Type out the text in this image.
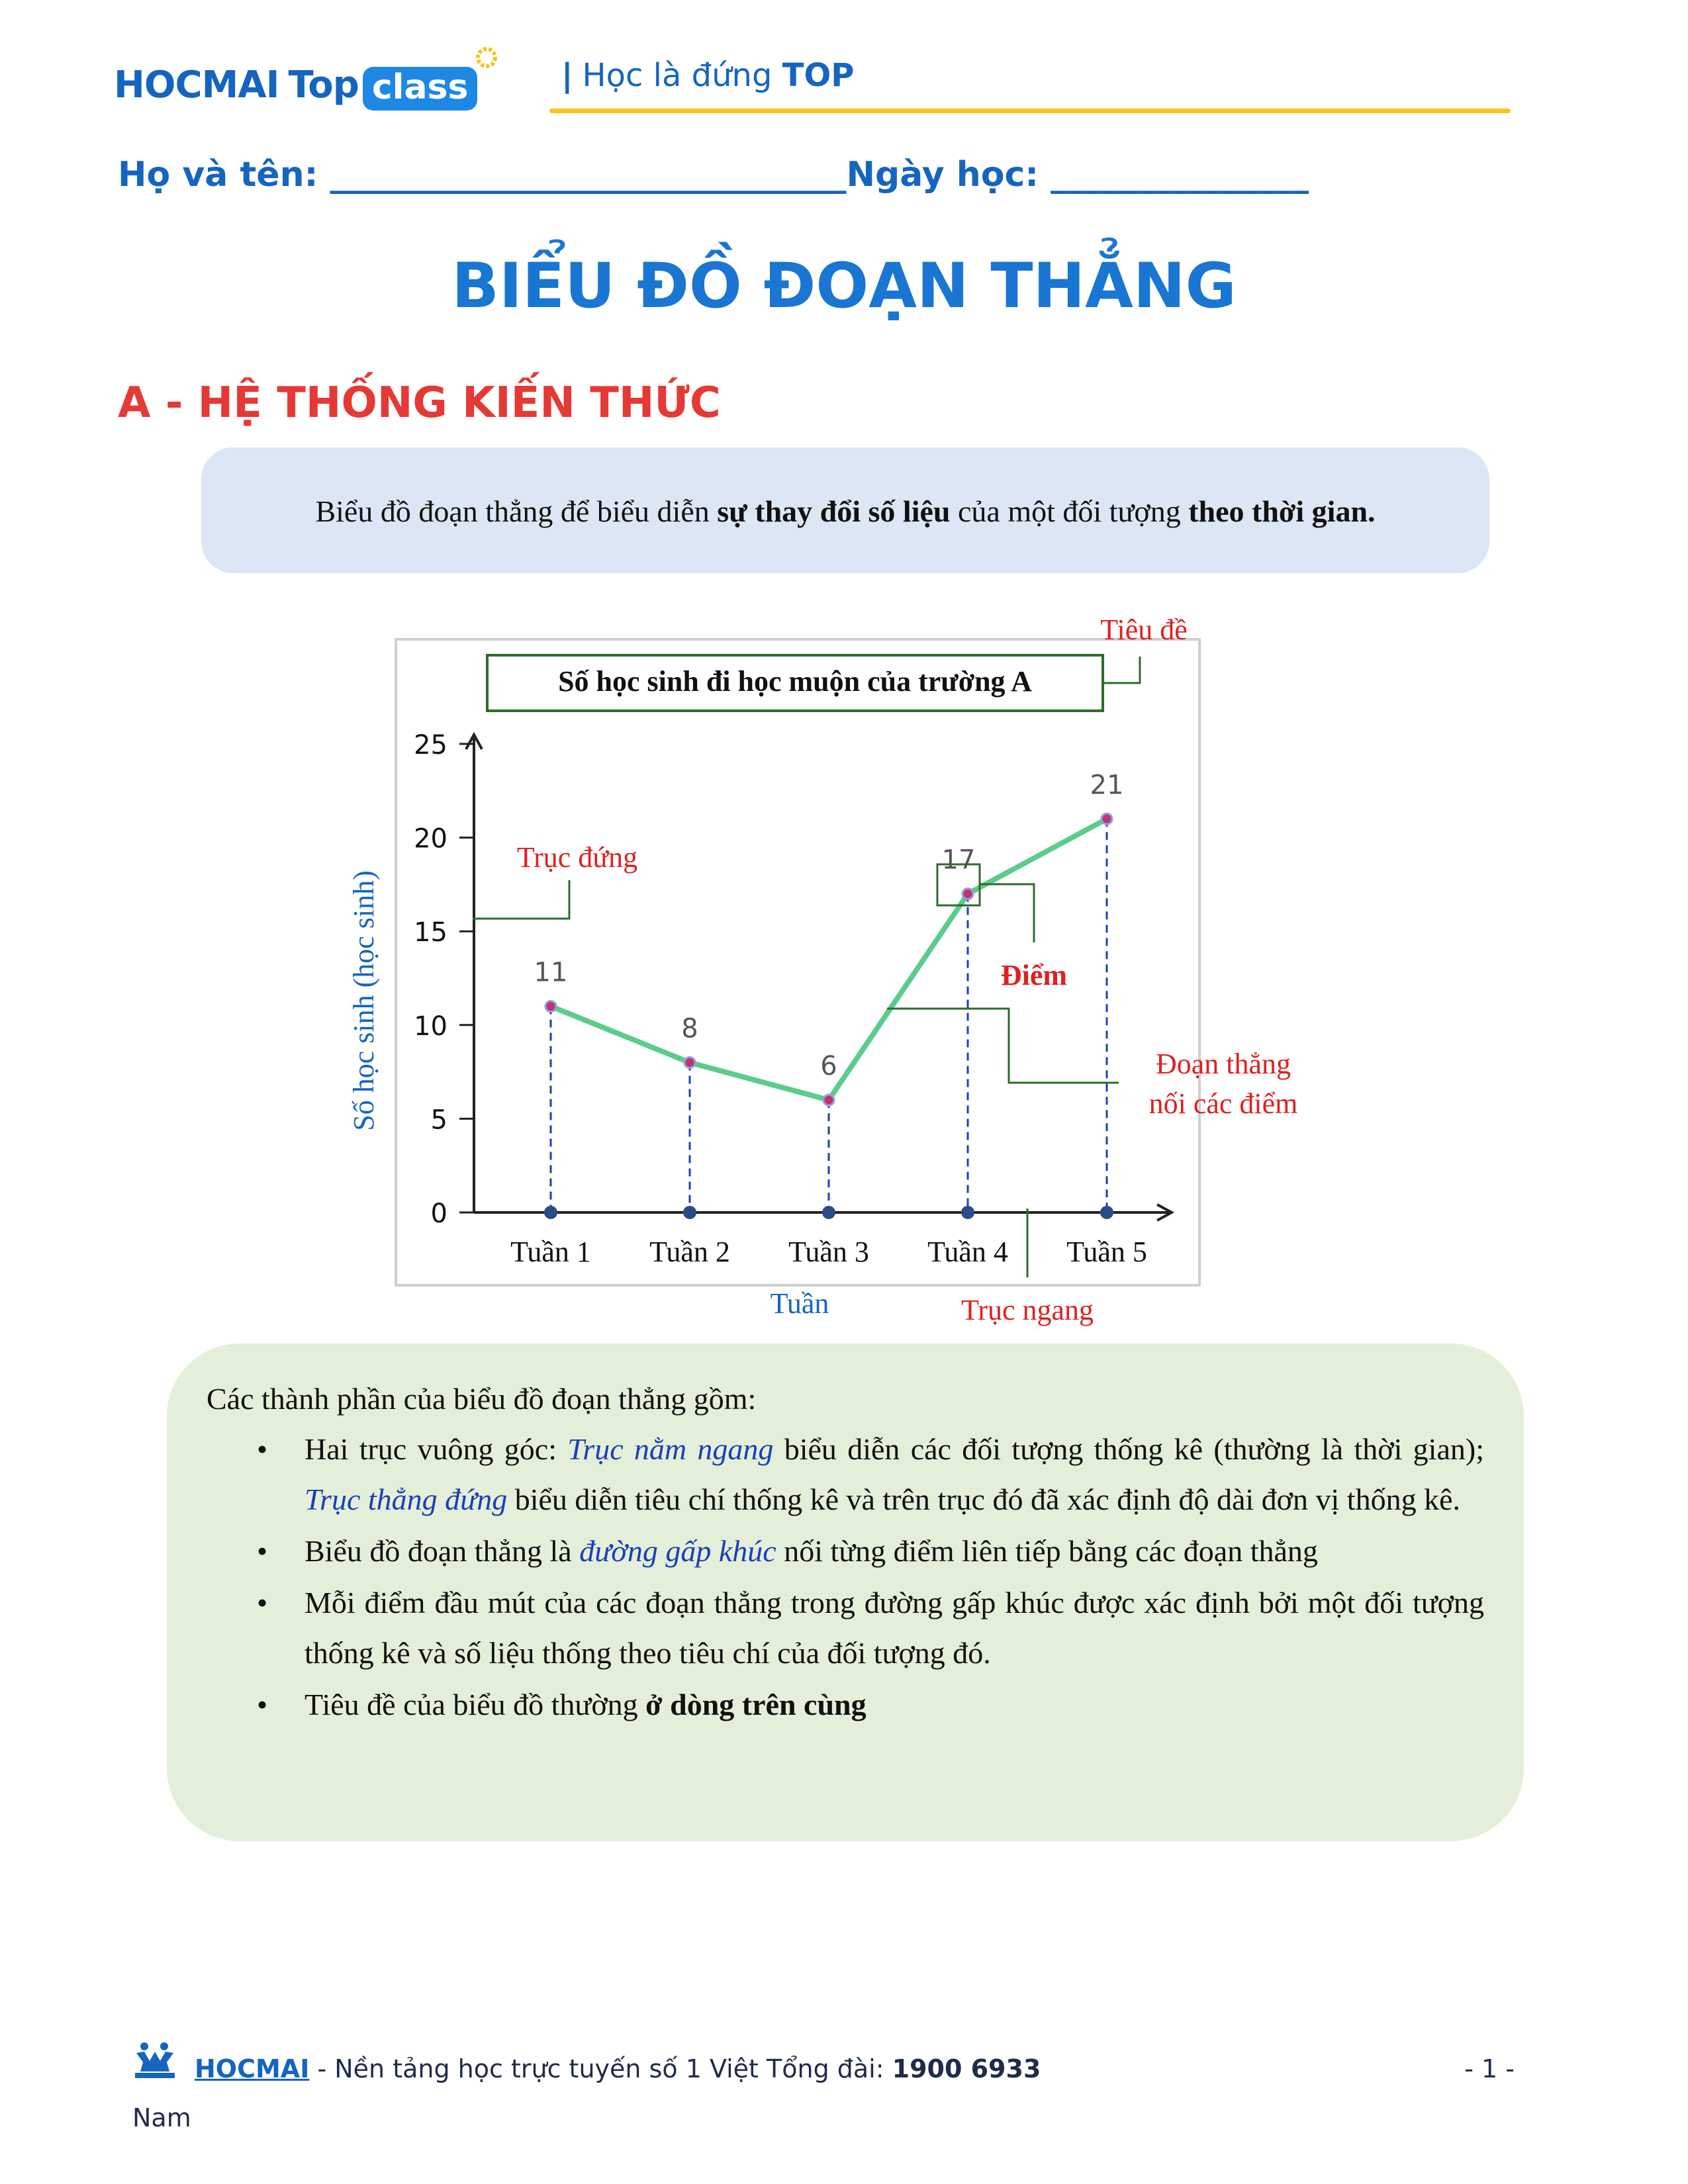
HOCMAI Top class	| Học là đứng TOP
Họ và tên: ______________________________Ngày học: _______________
BIỂU ĐỒ ĐOẠN THẲNG
A - HỆ THỐNG KIẾN THỨC
Biểu đồ đoạn thẳng để biểu diễn sự thay đổi số liệu của một đối tượng theo thời gian.
Số học sinh đi học muộn của trường A
0
5
10
15
20
25
Tuần 1 Tuần 2 Tuần 3 Tuần 4 Tuần 5
11
8
6
17
21
Số học sinh (học sinh)
Tuần
Tiêu đề
Trục đứng
Điểm
Đoạn thẳng
nối các điểm
Trục ngang
Các thành phần của biểu đồ đoạn thẳng gồm:
• Hai trục vuông góc: Trục nằm ngang biểu diễn các đối tượng thống kê (thường là thời gian); Trục thẳng đứng biểu diễn tiêu chí thống kê và trên trục đó đã xác định độ dài đơn vị thống kê.
• Biểu đồ đoạn thẳng là đường gấp khúc nối từng điểm liên tiếp bằng các đoạn thẳng
• Mỗi điểm đầu mút của các đoạn thẳng trong đường gấp khúc được xác định bởi một đối tượng thống kê và số liệu thống theo tiêu chí của đối tượng đó.
• Tiêu đề của biểu đồ thường ở dòng trên cùng
HOCMAI - Nền tảng học trực tuyến số 1 Việt Tổng đài: 1900 6933	- 1 -
Nam
